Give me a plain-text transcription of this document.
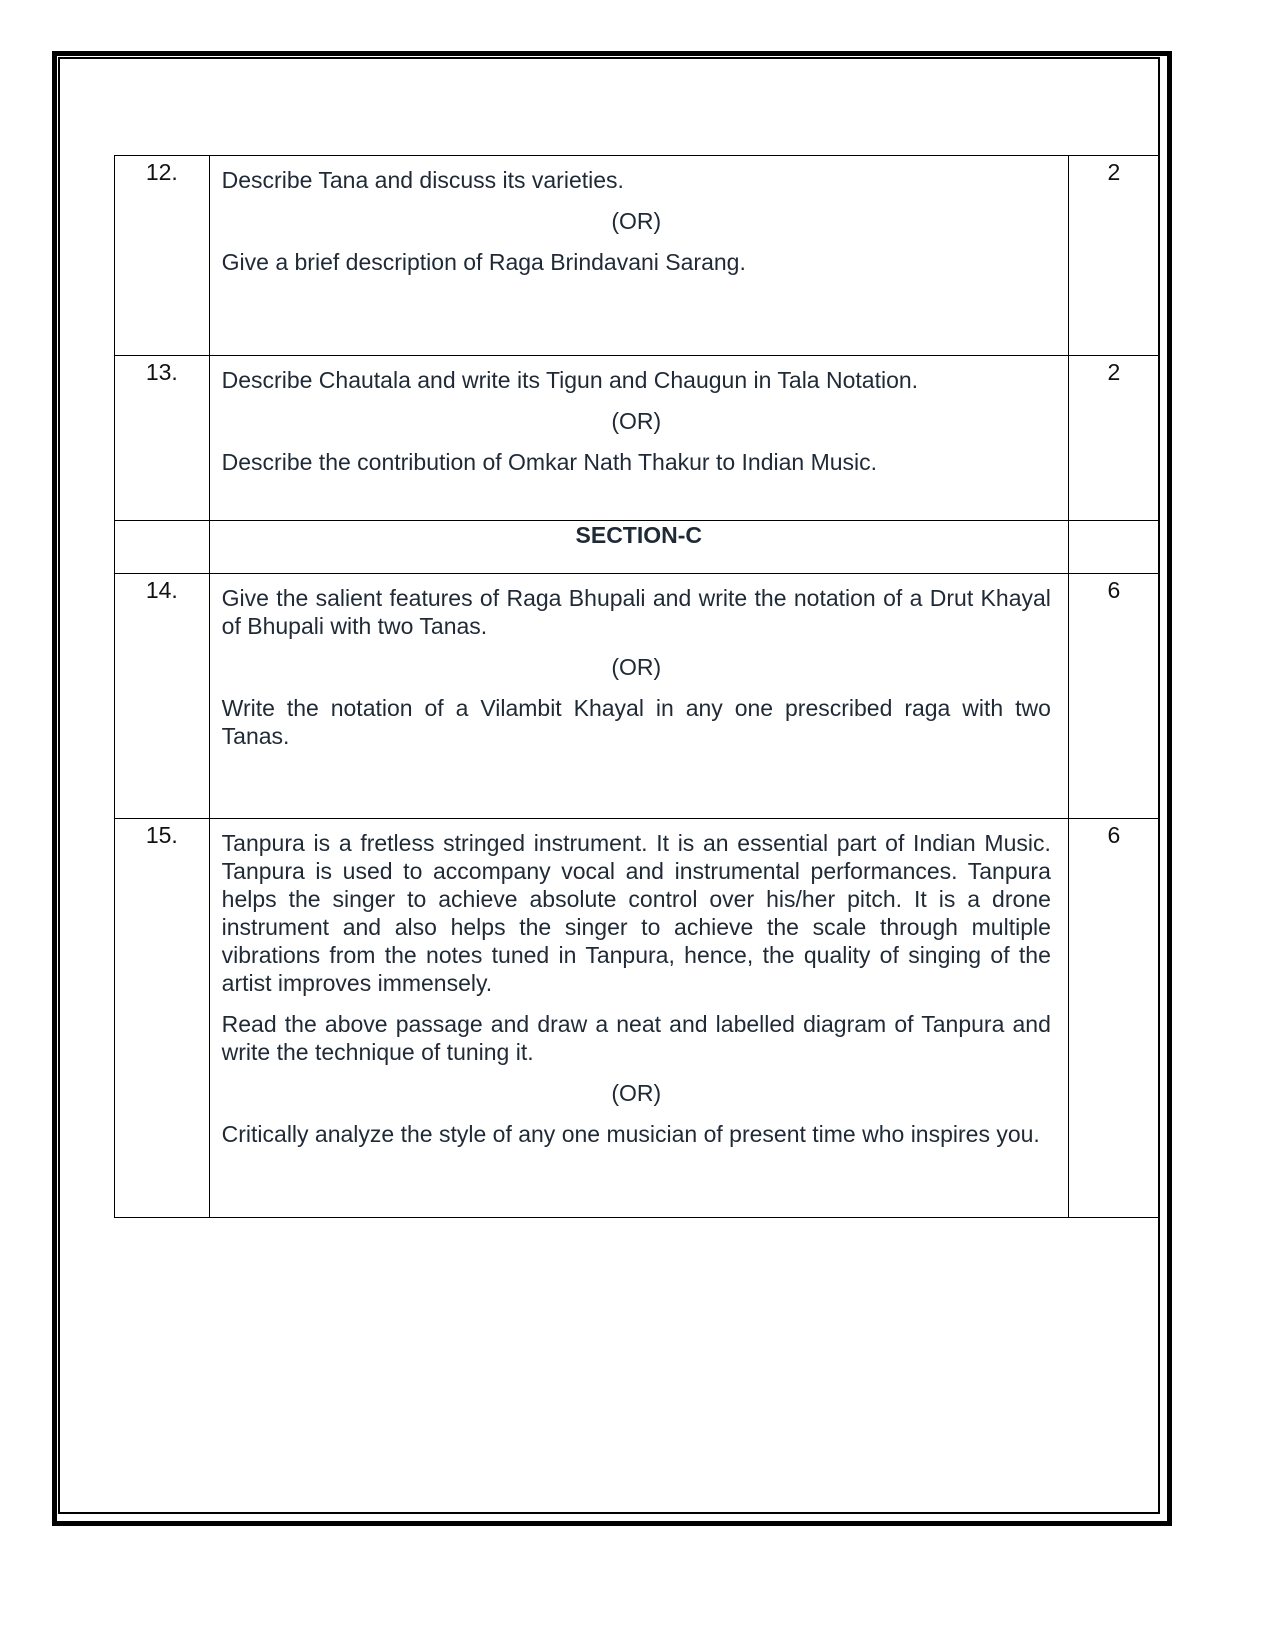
12.	Describe Tana and discuss its varieties.

(OR)

Give a brief description of Raga Brindavani Sarang.	2
13.	Describe Chautala and write its Tigun and Chaugun in Tala Notation.

(OR)

Describe the contribution of Omkar Nath Thakur to Indian Music.	2
	SECTION-C	
14.	Give the salient features of Raga Bhupali and write the notation of a Drut Khayal of Bhupali with two Tanas.

(OR)

Write the notation of a Vilambit Khayal in any one prescribed raga with two Tanas.	6
15.	Tanpura is a fretless stringed instrument. It is an essential part of Indian Music. Tanpura is used to accompany vocal and instrumental performances. Tanpura helps the singer to achieve absolute control over his/her pitch. It is a drone instrument and also helps the singer to achieve the scale through multiple vibrations from the notes tuned in Tanpura, hence, the quality of singing of the artist improves immensely.

Read the above passage and draw a neat and labelled diagram of Tanpura and write the technique of tuning it.

(OR)

Critically analyze the style of any one musician of present time who inspires you.	6
